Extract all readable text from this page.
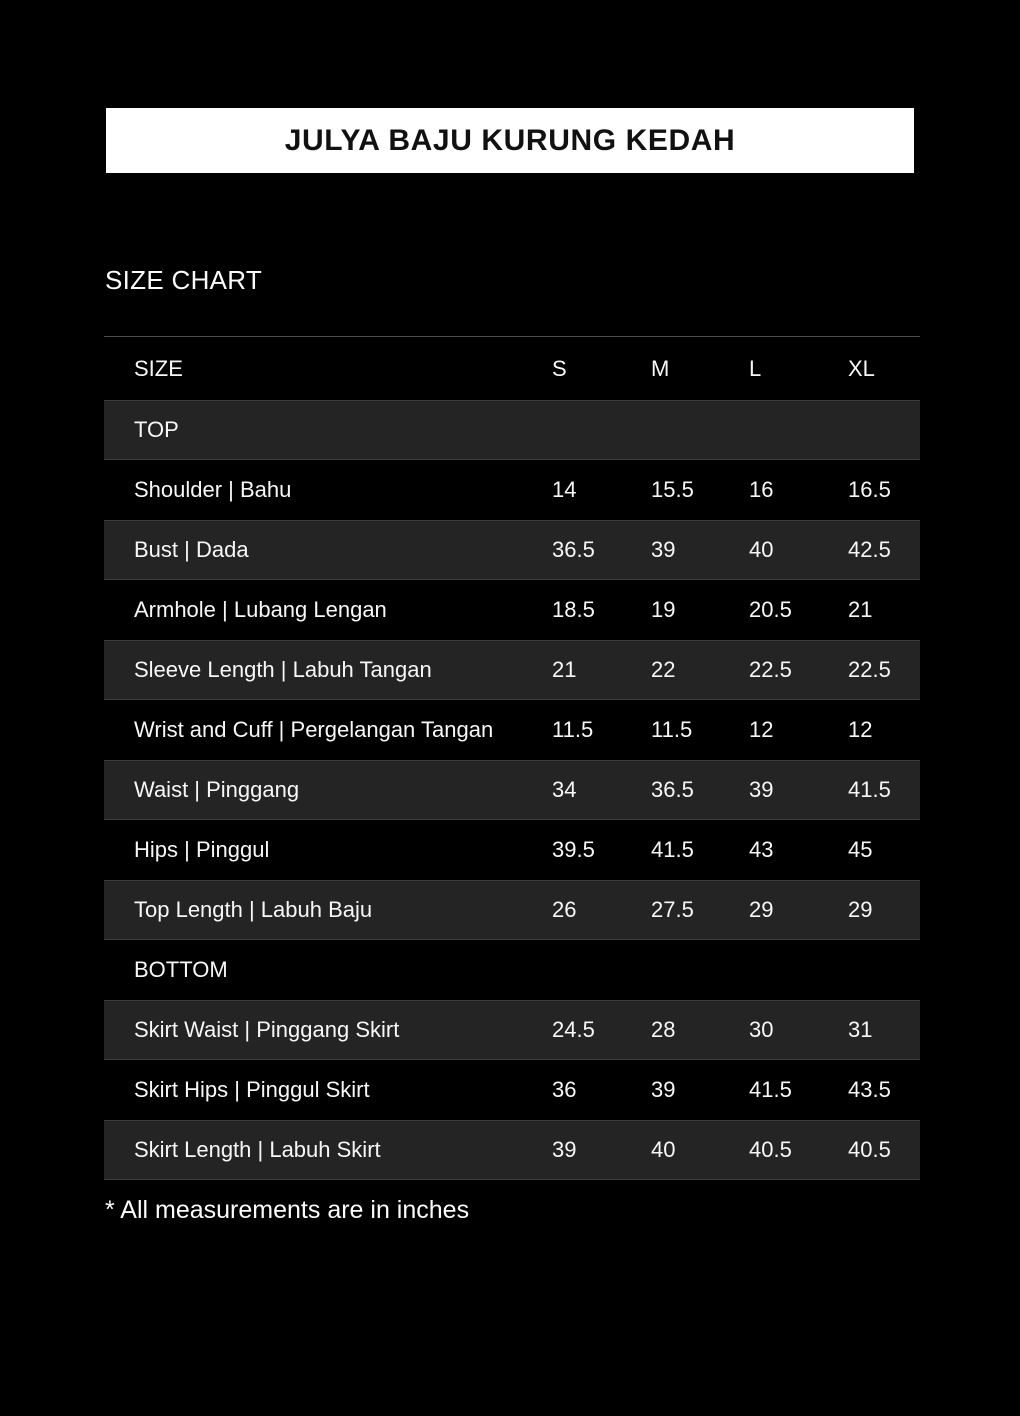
JULYA BAJU KURUNG KEDAH
SIZE CHART
SIZE	S	M	L	XL
TOP
Shoulder | Bahu	14	15.5	16	16.5
Bust | Dada	36.5	39	40	42.5
Armhole | Lubang Lengan	18.5	19	20.5	21
Sleeve Length | Labuh Tangan	21	22	22.5	22.5
Wrist and Cuff | Pergelangan Tangan	11.5	11.5	12	12
Waist | Pinggang	34	36.5	39	41.5
Hips | Pinggul	39.5	41.5	43	45
Top Length | Labuh Baju	26	27.5	29	29
BOTTOM
Skirt Waist | Pinggang Skirt	24.5	28	30	31
Skirt Hips | Pinggul Skirt	36	39	41.5	43.5
Skirt Length | Labuh Skirt	39	40	40.5	40.5
* All measurements are in inches
